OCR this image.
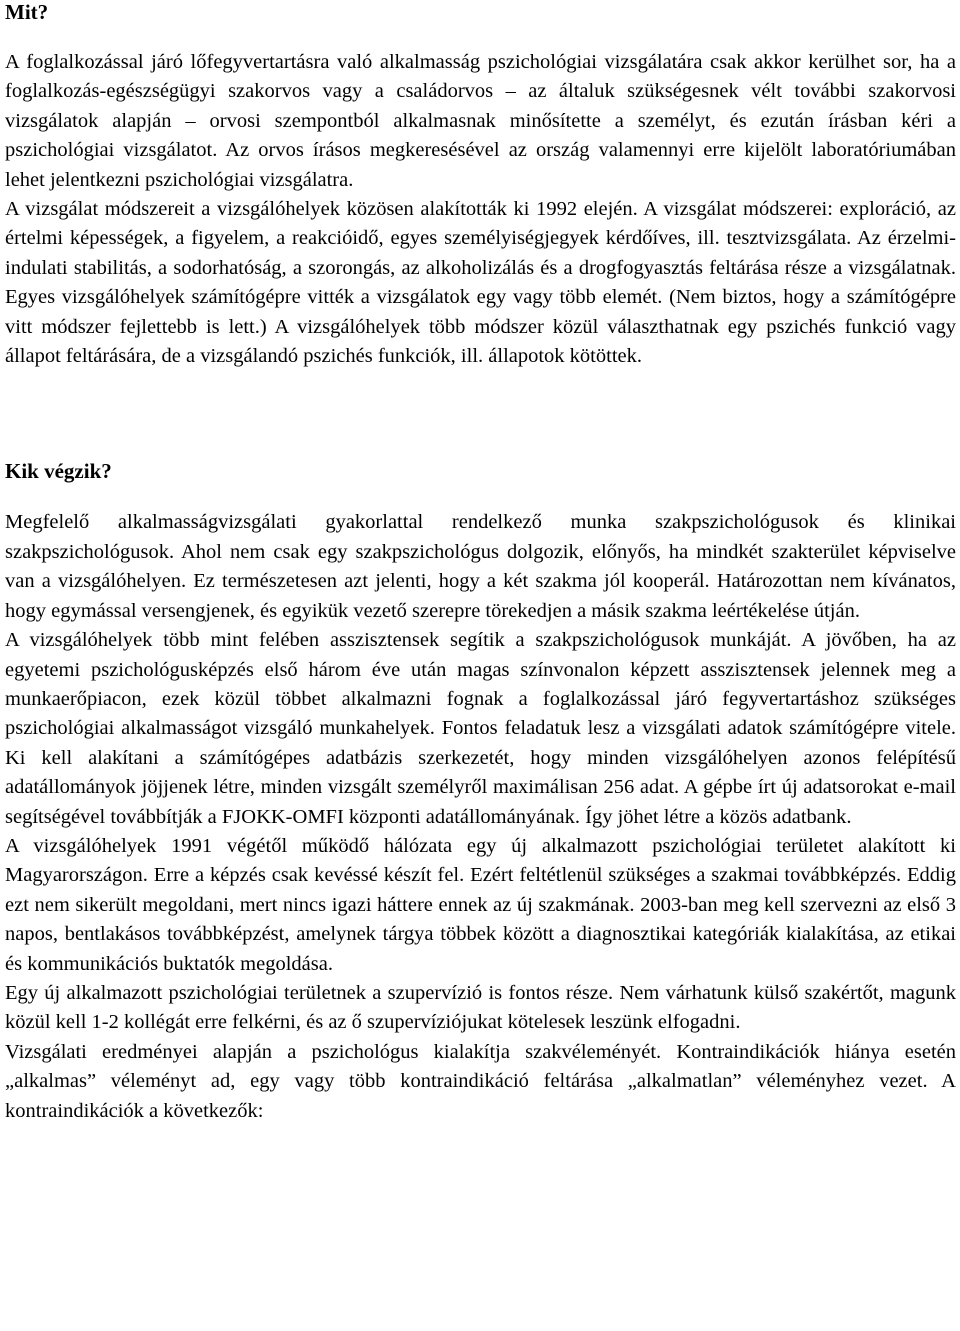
Mit?

A foglalkozással járó lőfegyvertartásra való alkalmasság pszichológiai vizsgálatára csak akkor kerülhet sor, ha a foglalkozás-egészségügyi szakorvos vagy a családorvos – az általuk szükségesnek vélt további szakorvosi vizsgálatok alapján – orvosi szempontból alkalmasnak minősítette a személyt, és ezután írásban kéri a pszichológiai vizsgálatot. Az orvos írásos megkeresésével az ország valamennyi erre kijelölt laboratóriumában lehet jelentkezni pszichológiai vizsgálatra.

A vizsgálat módszereit a vizsgálóhelyek közösen alakították ki 1992 elején. A vizsgálat módszerei: exploráció, az értelmi képességek, a figyelem, a reakcióidő, egyes személyiségjegyek kérdőíves, ill. tesztvizsgálata. Az érzelmi-indulati stabilitás, a sodorhatóság, a szorongás, az alkoholizálás és a drogfogyasztás feltárása része a vizsgálatnak. Egyes vizsgálóhelyek számítógépre vitték a vizsgálatok egy vagy több elemét. (Nem biztos, hogy a számítógépre vitt módszer fejlettebb is lett.) A vizsgálóhelyek több módszer közül választhatnak egy pszichés funkció vagy állapot feltárására, de a vizsgálandó pszichés funkciók, ill. állapotok kötöttek.

Kik végzik?

Megfelelő alkalmasságvizsgálati gyakorlattal rendelkező munka szakpszichológusok és klinikai szakpszichológusok. Ahol nem csak egy szakpszichológus dolgozik, előnyős, ha mindkét szakterület képviselve van a vizsgálóhelyen. Ez természetesen azt jelenti, hogy a két szakma jól kooperál. Határozottan nem kívánatos, hogy egymással versengjenek, és egyikük vezető szerepre törekedjen a másik szakma leértékelése útján.

A vizsgálóhelyek több mint felében asszisztensek segítik a szakpszichológusok munkáját. A jövőben, ha az egyetemi pszichológusképzés első három éve után magas színvonalon képzett asszisztensek jelennek meg a munkaerőpiacon, ezek közül többet alkalmazni fognak a foglalkozással járó fegyvertartáshoz szükséges pszichológiai alkalmasságot vizsgáló munkahelyek. Fontos feladatuk lesz a vizsgálati adatok számítógépre vitele. Ki kell alakítani a számítógépes adatbázis szerkezetét, hogy minden vizsgálóhelyen azonos felépítésű adatállományok jöjjenek létre, minden vizsgált személyről maximálisan 256 adat. A gépbe írt új adatsorokat e-mail segítségével továbbítják a FJOKK-OMFI központi adatállományának. Így jöhet létre a közös adatbank.

A vizsgálóhelyek 1991 végétől működő hálózata egy új alkalmazott pszichológiai területet alakított ki Magyarországon. Erre a képzés csak kevéssé készít fel. Ezért feltétlenül szükséges a szakmai továbbképzés. Eddig ezt nem sikerült megoldani, mert nincs igazi háttere ennek az új szakmának. 2003-ban meg kell szervezni az első 3 napos, bentlakásos továbbképzést, amelynek tárgya többek között a diagnosztikai kategóriák kialakítása, az etikai és kommunikációs buktatók megoldása.

Egy új alkalmazott pszichológiai területnek a szupervízió is fontos része. Nem várhatunk külső szakértőt, magunk közül kell 1-2 kollégát erre felkérni, és az ő szupervíziójukat kötelesek leszünk elfogadni.

Vizsgálati eredményei alapján a pszichológus kialakítja szakvéleményét. Kontraindikációk hiánya esetén „alkalmas” véleményt ad, egy vagy több kontraindikáció feltárása „alkalmatlan” véleményhez vezet. A kontraindikációk a következők:
